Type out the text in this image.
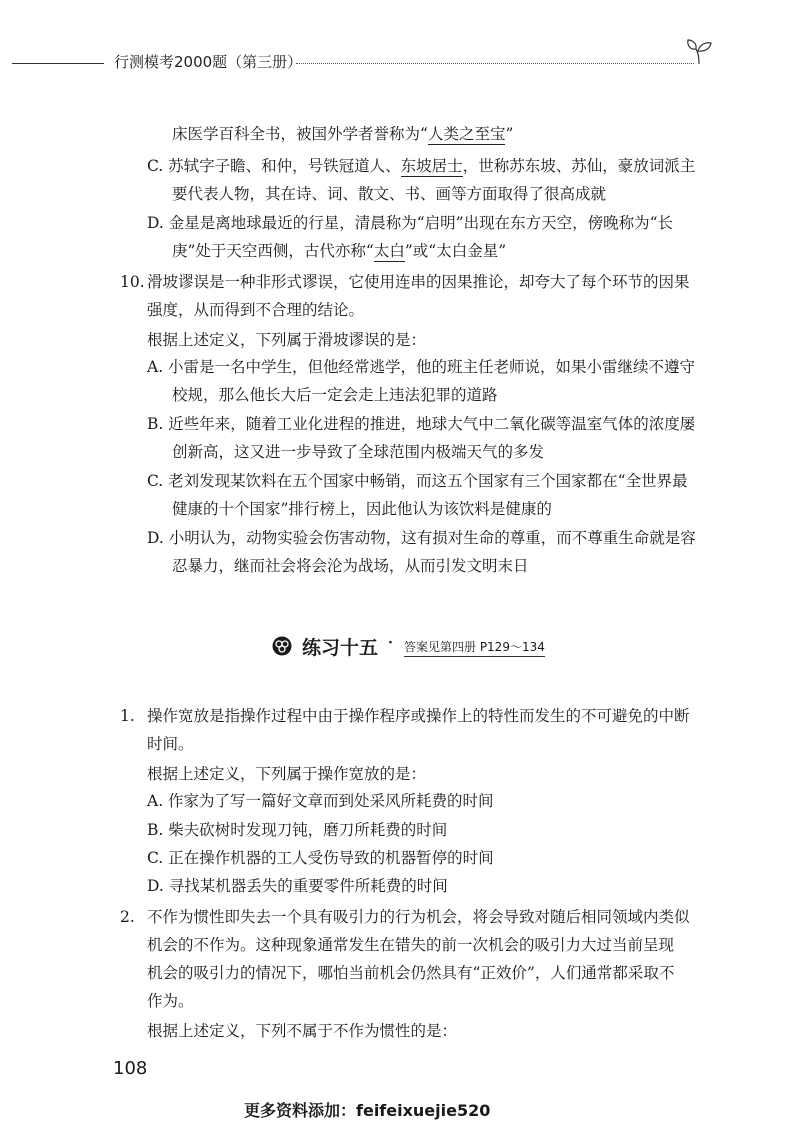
行测模考2000题（第三册）
床医学百科全书，被国外学者誉称为“人类之至宝”
C. 苏轼字子瞻、和仲，号铁冠道人、东坡居士，世称苏东坡、苏仙，豪放词派主
要代表人物，其在诗、词、散文、书、画等方面取得了很高成就
D. 金星是离地球最近的行星，清晨称为“启明”出现在东方天空，傍晚称为“长
庚”处于天空西侧，古代亦称“太白”或“太白金星”
10. 滑坡谬误是一种非形式谬误，它使用连串的因果推论，却夸大了每个环节的因果
强度，从而得到不合理的结论。
根据上述定义，下列属于滑坡谬误的是：
A. 小雷是一名中学生，但他经常逃学，他的班主任老师说，如果小雷继续不遵守
校规，那么他长大后一定会走上违法犯罪的道路
B. 近些年来，随着工业化进程的推进，地球大气中二氧化碳等温室气体的浓度屡
创新高，这又进一步导致了全球范围内极端天气的多发
C. 老刘发现某饮料在五个国家中畅销，而这五个国家有三个国家都在“全世界最
健康的十个国家”排行榜上，因此他认为该饮料是健康的
D. 小明认为，动物实验会伤害动物，这有损对生命的尊重，而不尊重生命就是容
忍暴力，继而社会将会沦为战场，从而引发文明末日
练习十五 · 答案见第四册 P129～134
1. 操作宽放是指操作过程中由于操作程序或操作上的特性而发生的不可避免的中断
时间。
根据上述定义，下列属于操作宽放的是：
A. 作家为了写一篇好文章而到处采风所耗费的时间
B. 柴夫砍树时发现刀钝，磨刀所耗费的时间
C. 正在操作机器的工人受伤导致的机器暂停的时间
D. 寻找某机器丢失的重要零件所耗费的时间
2. 不作为惯性即失去一个具有吸引力的行为机会，将会导致对随后相同领域内类似
机会的不作为。这种现象通常发生在错失的前一次机会的吸引力大过当前呈现
机会的吸引力的情况下，哪怕当前机会仍然具有“正效价”，人们通常都采取不
作为。
根据上述定义，下列不属于不作为惯性的是：
108
更多资料添加：feifeixuejie520
